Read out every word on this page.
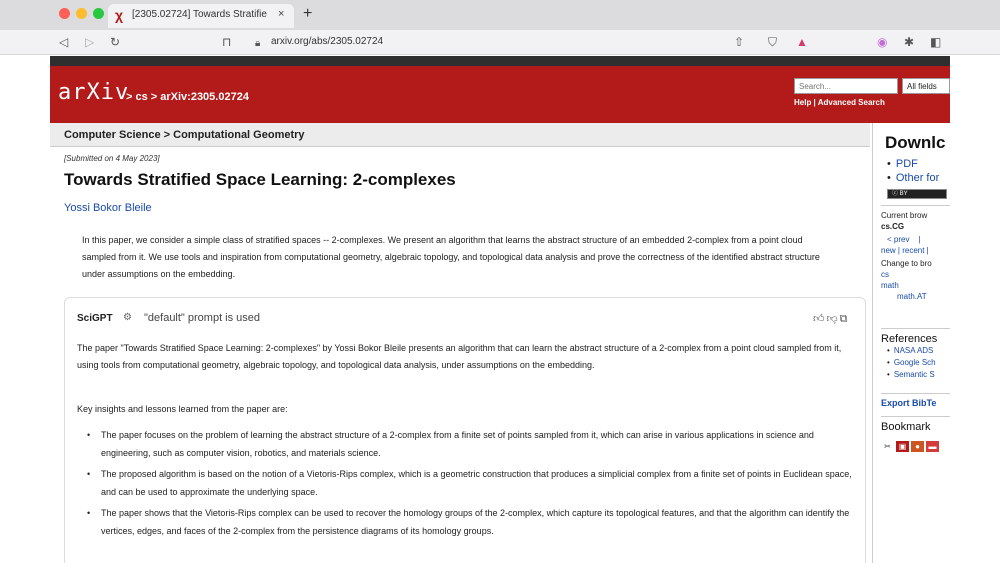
χ [2305.02724] Towards Stratifie	× +
◁ ▷ ↻	⊓ 🔒︎ arxiv.org/abs/2305.02724	⇧ ⛉ ▲	◉ ✱ ◧
arXiv
> cs > arXiv:2305.02724
Search...
All fields
Help | Advanced Search
Computer Science > Computational Geometry
[Submitted on 4 May 2023]
Towards Stratified Space Learning: 2-complexes
Yossi Bokor Bleile

In this paper, we consider a simple class of stratified spaces -- 2-complexes. We present an algorithm that learns the abstract structure of an embedded 2-complex from a point cloud sampled from it. We use tools and inspiration from computational geometry, algebraic topology, and topological data analysis and prove the correctness of the identified abstract structure under assumptions on the embedding.

SciGPT ⚙ "default" prompt is used	👍︎👎︎⧉

The paper "Towards Stratified Space Learning: 2-complexes" by Yossi Bokor Bleile presents an algorithm that can learn the abstract structure of a 2-complex from a point cloud sampled from it, using tools from computational geometry, algebraic topology, and topological data analysis, under assumptions on the embedding.

Key insights and lessons learned from the paper are:

• The paper focuses on the problem of learning the abstract structure of a 2-complex from a finite set of points sampled from it, which can arise in various applications in science and engineering, such as computer vision, robotics, and materials science.
• The proposed algorithm is based on the notion of a Vietoris-Rips complex, which is a geometric construction that produces a simplicial complex from a finite set of points in Euclidean space, and can be used to approximate the underlying space.
• The paper shows that the Vietoris-Rips complex can be used to recover the homology groups of the 2-complex, which capture its topological features, and that the algorithm can identify the vertices, edges, and faces of the 2-complex from the persistence diagrams of its homology groups.
Downlc
• PDF
• Other for
ⓒ BY
Current brow
cs.CG
< prev |
new | recent |
Change to bro
cs
math
math.AT
References
• NASA ADS
• Google Sch
• Semantic S
Export BibTe
Bookmark
✂ ▣ ● ▬
